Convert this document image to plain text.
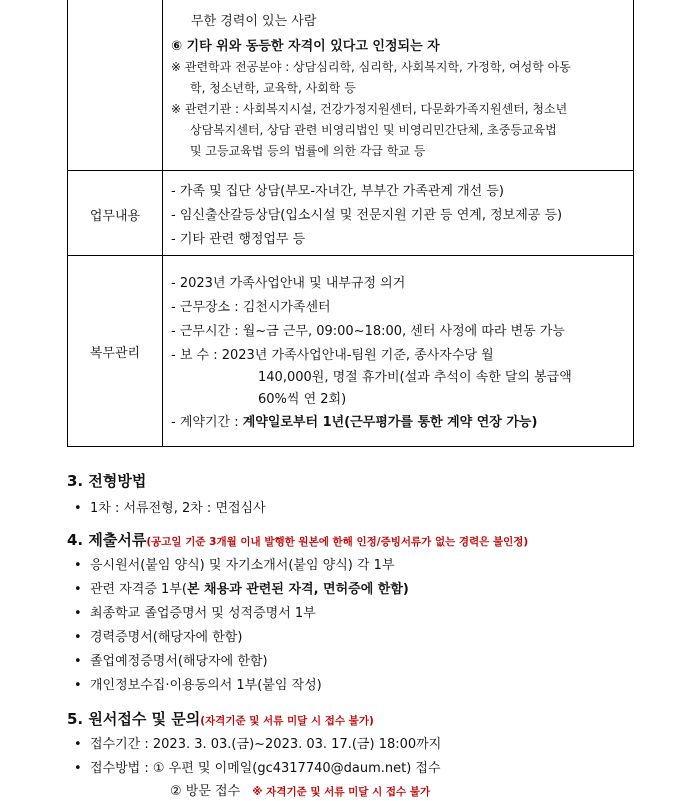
무한 경력이 있는 사람
⑥ 기타 위와 동등한 자격이 있다고 인정되는 자
※ 관련학과 전공분야 : 상담심리학, 심리학, 사회복지학, 가정학, 여성학 아동
학, 청소년학, 교육학, 사회학 등
※ 관련기관 : 사회복지시설, 건강가정지원센터, 다문화가족지원센터, 청소년
상담복지센터, 상담 관련 비영리법인 및 비영리민간단체, 초중등교육법
및 고등교육법 등의 법률에 의한 각급 학교 등
업무내용
- 가족 및 집단 상담(부모-자녀간, 부부간 가족관계 개선 등)
- 임신출산갈등상담(입소시설 및 전문지원 기관 등 연계, 정보제공 등)
- 기타 관련 행정업무 등
복무관리
- 2023년 가족사업안내 및 내부규정 의거
- 근무장소 : 김천시가족센터
- 근무시간 : 월~금 근무, 09:00~18:00, 센터 사정에 따라 변동 가능
- 보 수 : 2023년 가족사업안내-팀원 기준, 종사자수당 월
140,000원, 명절 휴가비(설과 추석이 속한 달의 봉급액
60%씩 연 2회)
- 계약기간 : 계약일로부터 1년(근무평가를 통한 계약 연장 가능)
3. 전형방법
• 1차 : 서류전형, 2차 : 면접심사
4. 제출서류(공고일 기준 3개월 이내 발행한 원본에 한해 인정/증빙서류가 없는 경력은 불인정)
• 응시원서(붙임 양식) 및 자기소개서(붙임 양식) 각 1부
• 관련 자격증 1부(본 채용과 관련된 자격, 면허증에 한함)
• 최종학교 졸업증명서 및 성적증명서 1부
• 경력증명서(해당자에 한함)
• 졸업예정증명서(해당자에 한함)
• 개인정보수집·이용동의서 1부(붙임 작성)
5. 원서접수 및 문의(자격기준 및 서류 미달 시 접수 불가)
• 접수기간 : 2023. 3. 03.(금)~2023. 03. 17.(금) 18:00까지
• 접수방법 : ① 우편 및 이메일(gc4317740@daum.net) 접수
② 방문 접수 ※ 자격기준 및 서류 미달 시 접수 불가
